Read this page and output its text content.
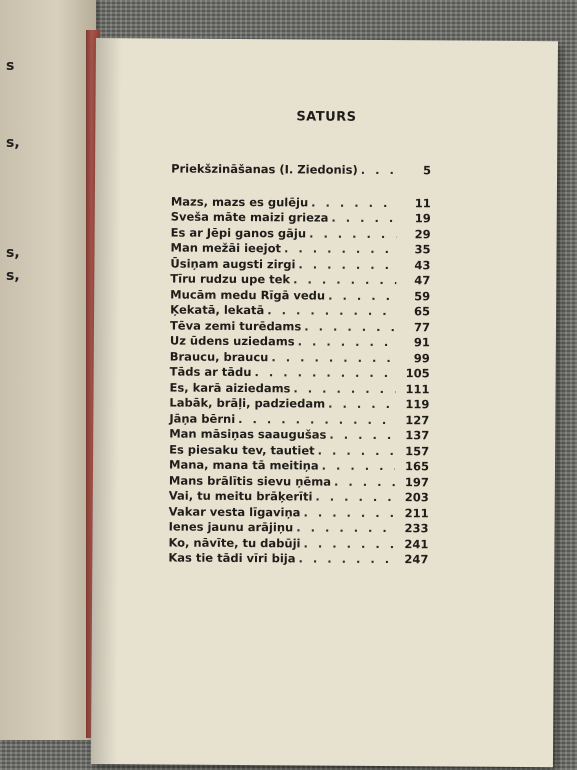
s
s,
s,
s,
SATURS
Priekšzināšanas (I. Ziedonis) . . .	5
Mazs, mazs es gulēju . . .	11
Sveša māte maizi grieza . . .	19
Es ar Jēpi ganos gāju . . .	29
Man mežāi ieejot . . .	35
Ūsiņam augsti zirgi . . .	43
Tīru rudzu upe tek . . .	47
Mucām medu Rīgā vedu . . .	59
Ķekatā, lekatā . . .	65
Tēva zemi turēdams . . .	77
Uz ūdens uziedams . . .	91
Braucu, braucu . . .	99
Tāds ar tādu . . .	105
Es, karā aiziedams . . .	111
Labāk, brāļi, padziedam . . .	119
Jāņa bērni . . .	127
Man māsiņas saaugušas . . .	137
Es piesaku tev, tautiet . . .	157
Mana, mana tā meitiņa . . .	165
Mans brālītis sievu ņēma . . .	197
Vai, tu meitu brāķerīti . . .	203
Vakar vesta līgaviņa . . .	211
Ienes jaunu arājiņu . . .	233
Ko, nāvīte, tu dabūji . . .	241
Kas tie tādi vīri bija . . .	247
